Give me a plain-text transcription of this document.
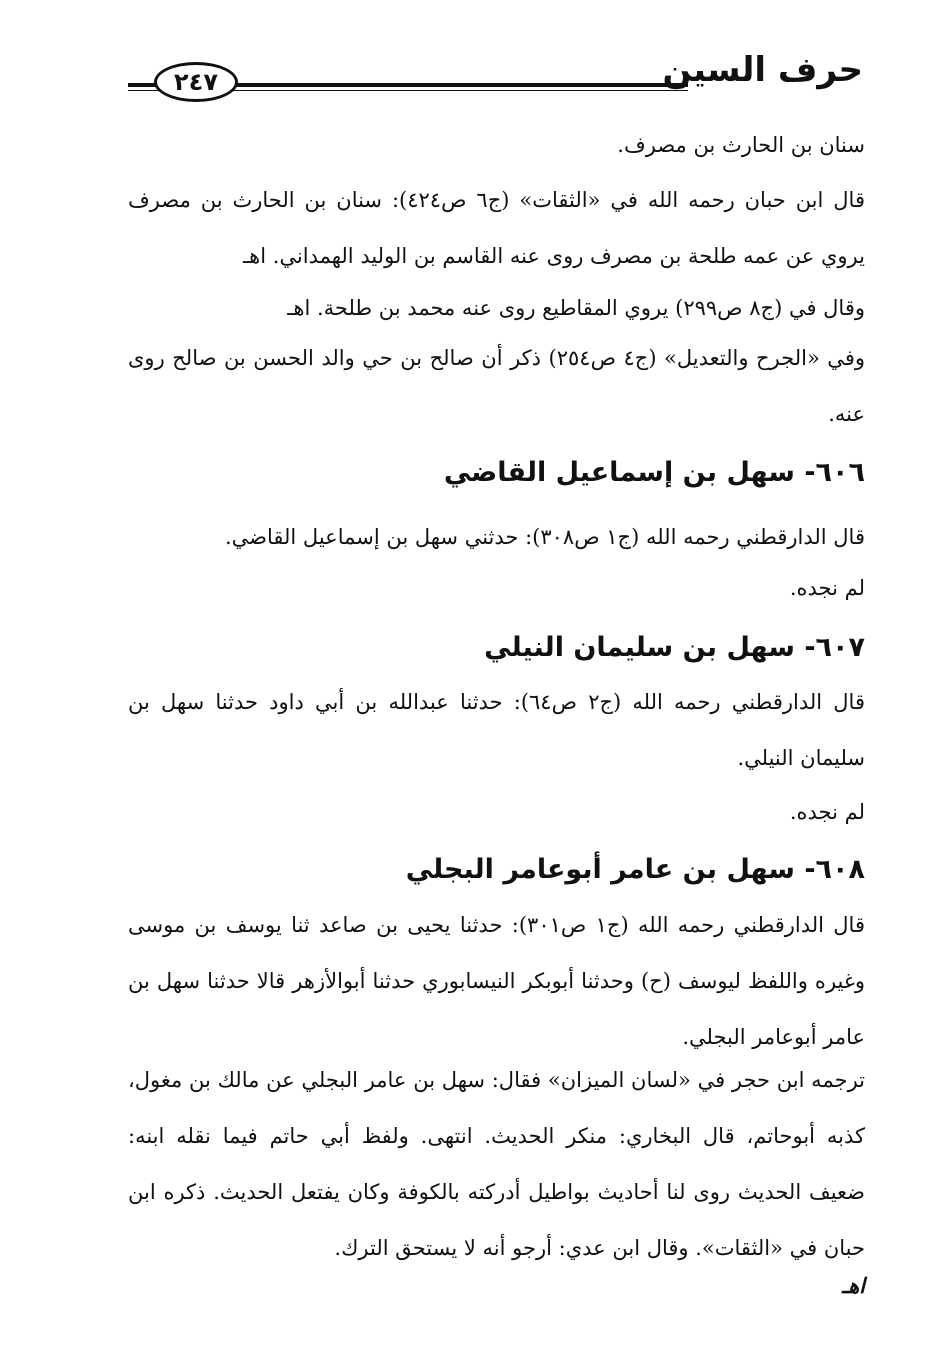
حرف السين
٢٤٧
سنان بن الحارث بن مصرف.
قال ابن حبان رحمه الله في «الثقات» (ج٦ ص٤٢٤): سنان بن الحارث بن مصرف يروي عن عمه طلحة بن مصرف روى عنه القاسم بن الوليد الهمداني. اهـ
وقال في (ج٨ ص٢٩٩) يروي المقاطيع روى عنه محمد بن طلحة. اهـ
وفي «الجرح والتعديل» (ج٤ ص٢٥٤) ذكر أن صالح بن حي والد الحسن بن صالح روى عنه.
٦٠٦- سهل بن إسماعيل القاضي
قال الدارقطني رحمه الله (ج١ ص٣٠٨): حدثني سهل بن إسماعيل القاضي.
لم نجده.
٦٠٧- سهل بن سليمان النيلي
قال الدارقطني رحمه الله (ج٢ ص٦٤): حدثنا عبدالله بن أبي داود حدثنا سهل بن سليمان النيلي.
لم نجده.
٦٠٨- سهل بن عامر أبوعامر البجلي
قال الدارقطني رحمه الله (ج١ ص٣٠١): حدثنا يحيى بن صاعد ثنا يوسف بن موسى وغيره واللفظ ليوسف (ح) وحدثنا أبوبكر النيسابوري حدثنا أبوالأزهر قالا حدثنا سهل بن عامر أبوعامر البجلي.
ترجمه ابن حجر في «لسان الميزان» فقال: سهل بن عامر البجلي عن مالك بن مغول، كذبه أبوحاتم، قال البخاري: منكر الحديث. انتهى. ولفظ أبي حاتم فيما نقله ابنه: ضعيف الحديث روى لنا أحاديث بواطيل أدركته بالكوفة وكان يفتعل الحديث. ذكره ابن حبان في «الثقات». وقال ابن عدي: أرجو أنه لا يستحق الترك.
اهـ
